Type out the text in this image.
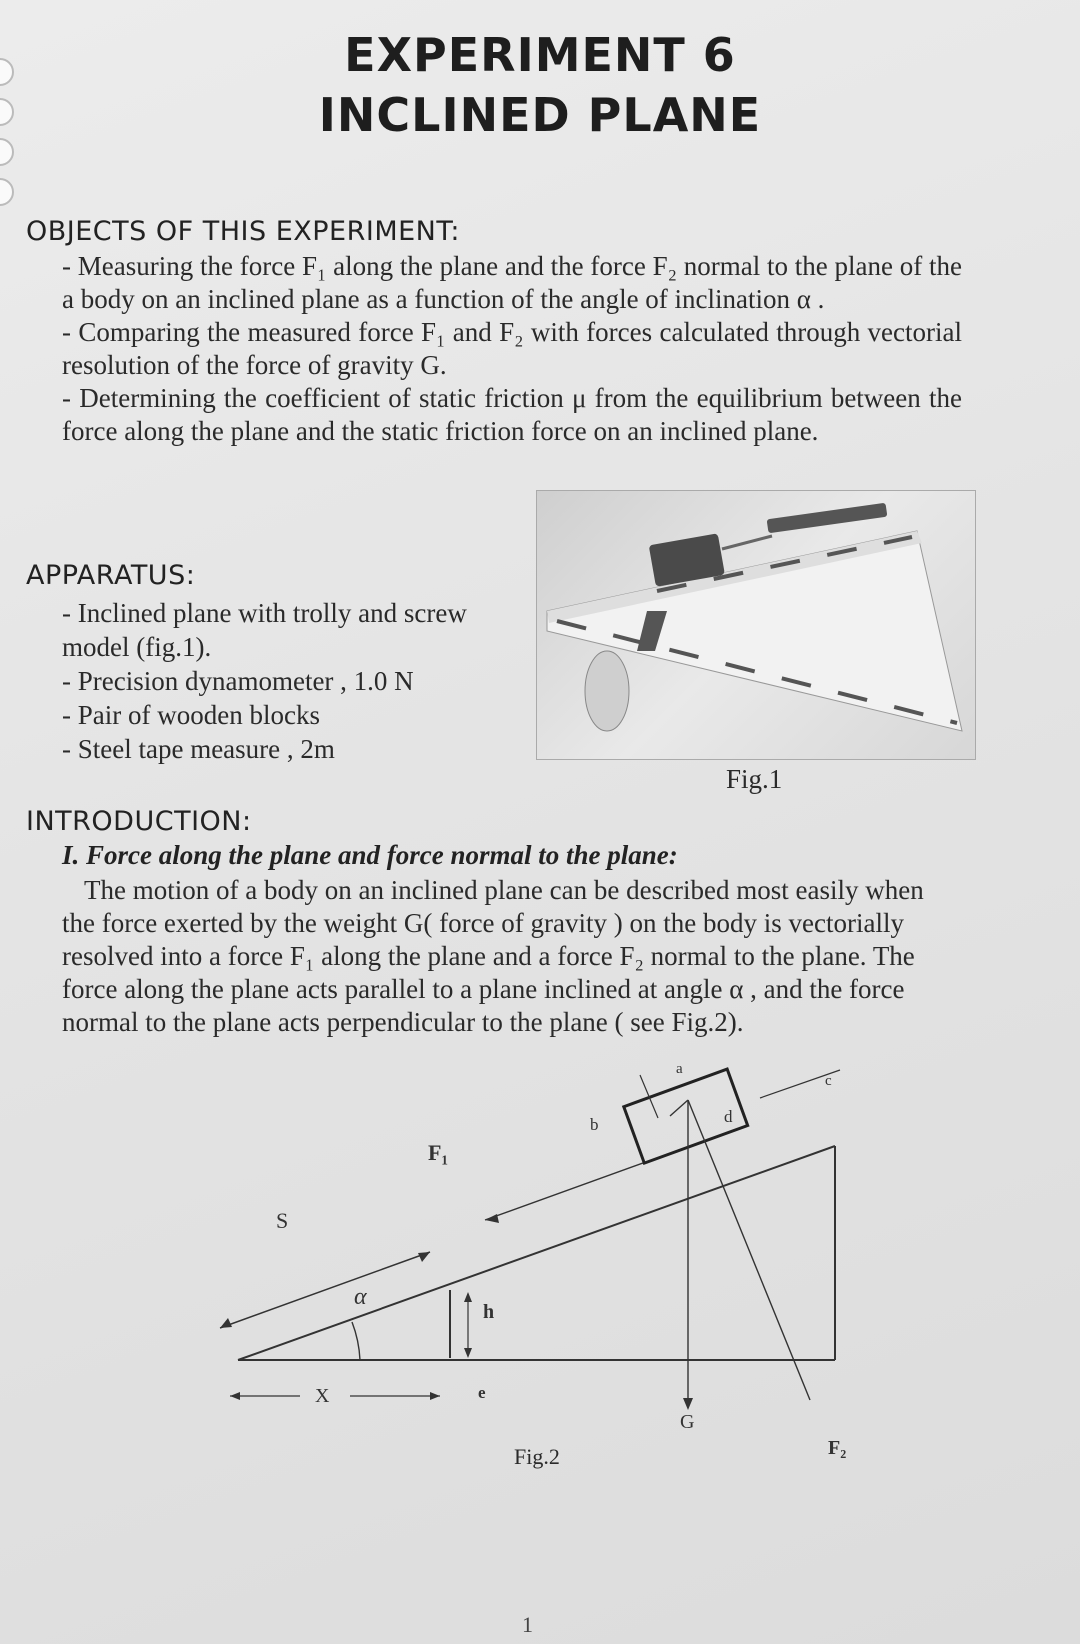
EXPERIMENT 6
INCLINED PLANE
OBJECTS OF THIS EXPERIMENT:

- Measuring the force F₁ along the plane and the force F₂ normal to the plane of the a body on an inclined plane as a function of the angle of inclination α .

- Comparing the measured force F₁ and F₂ with forces calculated through vectorial resolution of the force of gravity G.

- Determining the coefficient of static friction μ from the equilibrium between the force along the plane and the static friction force on an inclined plane.

APPARATUS:
- Inclined plane with trolly and screw
model (fig.1).
- Precision dynamometer , 1.0 N
- Pair of wooden blocks
- Steel tape measure , 2m
Fig.1
INTRODUCTION:
I. Force along the plane and force normal to the plane:
The motion of a body on an inclined plane can be described most easily when the force exerted by the weight G( force of gravity ) on the body is vectorially resolved into a force F₁ along the plane and a force F₂ normal to the plane. The force along the plane acts parallel to a plane inclined at angle α , and the force normal to the plane acts perpendicular to the plane ( see Fig.2).
S
α
X
F₁
h
e
a
b
c
d
G
F₂
Fig.2
1
